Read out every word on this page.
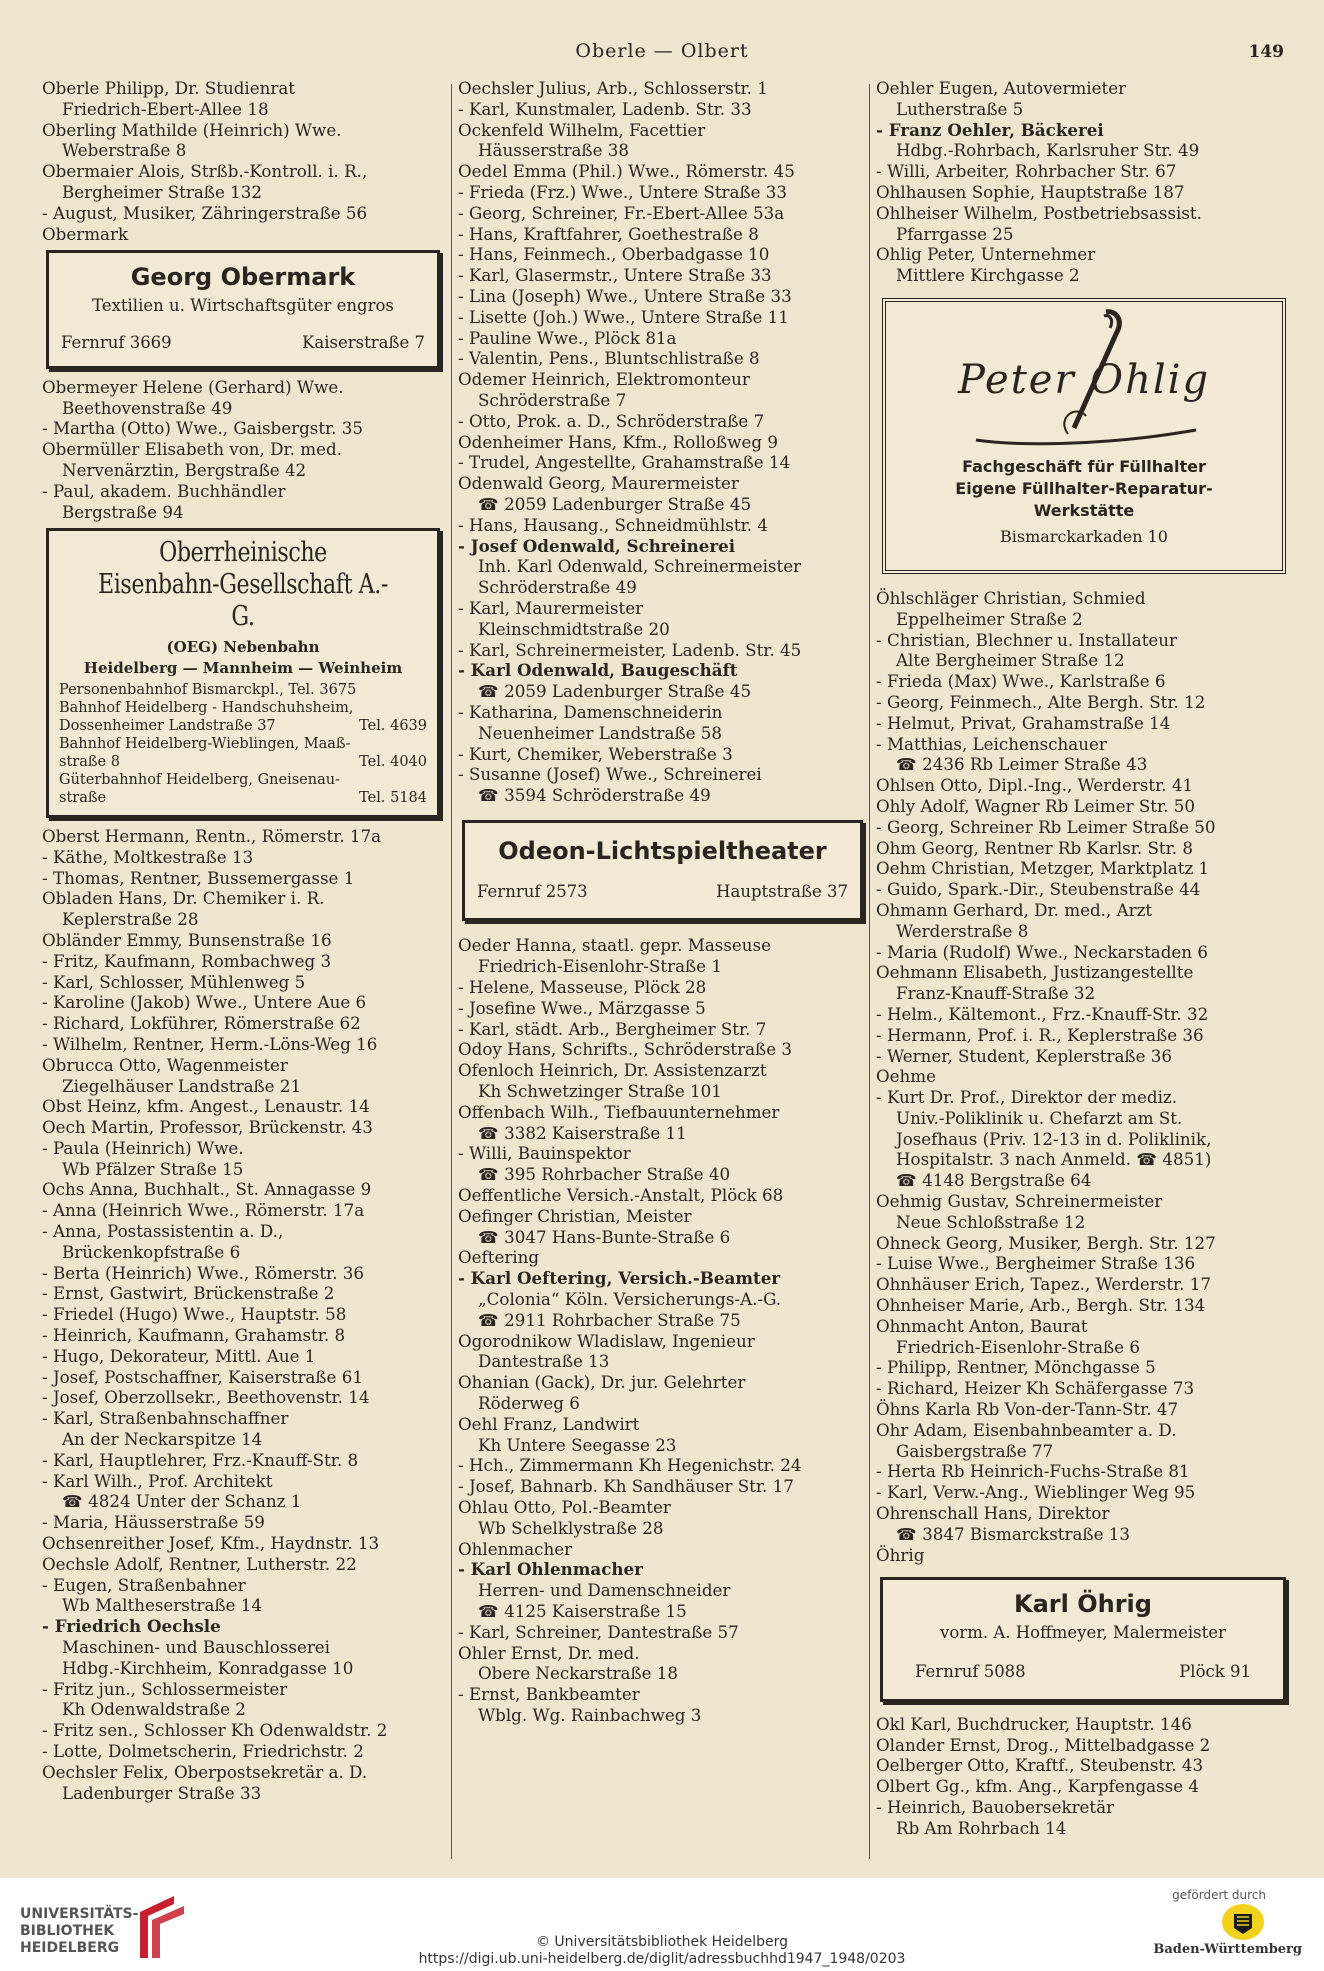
Oberle — Olbert	149
Oberle Philipp, Dr. Studienrat
Friedrich-Ebert-Allee 18
Oberling Mathilde (Heinrich) Wwe.
Weberstraße 8
Obermaier Alois, Strßb.-Kontroll. i. R.,
Bergheimer Straße 132
- August, Musiker, Zähringerstraße 56
Obermark
Georg Obermark
Textilien u. Wirtschaftsgüter engros
Fernruf 3669	Kaiserstraße 7
Obermeyer Helene (Gerhard) Wwe.
Beethovenstraße 49
- Martha (Otto) Wwe., Gaisbergstr. 35
Obermüller Elisabeth von, Dr. med.
Nervenärztin, Bergstraße 42
- Paul, akadem. Buchhändler
Bergstraße 94
Oberrheinische
Eisenbahn-Gesellschaft A.-G.
(OEG) Nebenbahn
Heidelberg — Mannheim — Weinheim
Personenbahnhof Bismarckpl., Tel. 3675
Bahnhof Heidelberg - Handschuhsheim,
Dossenheimer Landstraße 37	Tel. 4639
Bahnhof Heidelberg-Wieblingen, Maaß-
straße 8	Tel. 4040
Güterbahnhof Heidelberg, Gneisenau-
straße	Tel. 5184
Oberst Hermann, Rentn., Römerstr. 17a
- Käthe, Moltkestraße 13
- Thomas, Rentner, Bussemergasse 1
Obladen Hans, Dr. Chemiker i. R.
Keplerstraße 28
Obländer Emmy, Bunsenstraße 16
- Fritz, Kaufmann, Rombachweg 3
- Karl, Schlosser, Mühlenweg 5
- Karoline (Jakob) Wwe., Untere Aue 6
- Richard, Lokführer, Römerstraße 62
- Wilhelm, Rentner, Herm.-Löns-Weg 16
Obrucca Otto, Wagenmeister
Ziegelhäuser Landstraße 21
Obst Heinz, kfm. Angest., Lenaustr. 14
Oech Martin, Professor, Brückenstr. 43
- Paula (Heinrich) Wwe.
Wb Pfälzer Straße 15
Ochs Anna, Buchhalt., St. Annagasse 9
- Anna (Heinrich Wwe., Römerstr. 17a
- Anna, Postassistentin a. D.,
Brückenkopfstraße 6
- Berta (Heinrich) Wwe., Römerstr. 36
- Ernst, Gastwirt, Brückenstraße 2
- Friedel (Hugo) Wwe., Hauptstr. 58
- Heinrich, Kaufmann, Grahamstr. 8
- Hugo, Dekorateur, Mittl. Aue 1
- Josef, Postschaffner, Kaiserstraße 61
- Josef, Oberzollsekr., Beethovenstr. 14
- Karl, Straßenbahnschaffner
An der Neckarspitze 14
- Karl, Hauptlehrer, Frz.-Knauff-Str. 8
- Karl Wilh., Prof. Architekt
☎ 4824 Unter der Schanz 1
- Maria, Häusserstraße 59
Ochsenreither Josef, Kfm., Haydnstr. 13
Oechsle Adolf, Rentner, Lutherstr. 22
- Eugen, Straßenbahner
Wb Maltheserstraße 14
- Friedrich Oechsle
Maschinen- und Bauschlosserei
Hdbg.-Kirchheim, Konradgasse 10
- Fritz jun., Schlossermeister
Kh Odenwaldstraße 2
- Fritz sen., Schlosser Kh Odenwaldstr. 2
- Lotte, Dolmetscherin, Friedrichstr. 2
Oechsler Felix, Oberpostsekretär a. D.
Ladenburger Straße 33
Oechsler Julius, Arb., Schlosserstr. 1
- Karl, Kunstmaler, Ladenb. Str. 33
Ockenfeld Wilhelm, Facettier
Häusserstraße 38
Oedel Emma (Phil.) Wwe., Römerstr. 45
- Frieda (Frz.) Wwe., Untere Straße 33
- Georg, Schreiner, Fr.-Ebert-Allee 53a
- Hans, Kraftfahrer, Goethestraße 8
- Hans, Feinmech., Oberbadgasse 10
- Karl, Glasermstr., Untere Straße 33
- Lina (Joseph) Wwe., Untere Straße 33
- Lisette (Joh.) Wwe., Untere Straße 11
- Pauline Wwe., Plöck 81a
- Valentin, Pens., Bluntschlistraße 8
Odemer Heinrich, Elektromonteur
Schröderstraße 7
- Otto, Prok. a. D., Schröderstraße 7
Odenheimer Hans, Kfm., Rolloßweg 9
- Trudel, Angestellte, Grahamstraße 14
Odenwald Georg, Maurermeister
☎ 2059 Ladenburger Straße 45
- Hans, Hausang., Schneidmühlstr. 4
- Josef Odenwald, Schreinerei
Inh. Karl Odenwald, Schreinermeister
Schröderstraße 49
- Karl, Maurermeister
Kleinschmidtstraße 20
- Karl, Schreinermeister, Ladenb. Str. 45
- Karl Odenwald, Baugeschäft
☎ 2059 Ladenburger Straße 45
- Katharina, Damenschneiderin
Neuenheimer Landstraße 58
- Kurt, Chemiker, Weberstraße 3
- Susanne (Josef) Wwe., Schreinerei
☎ 3594 Schröderstraße 49
Odeon-Lichtspieltheater
Fernruf 2573	Hauptstraße 37
Oeder Hanna, staatl. gepr. Masseuse
Friedrich-Eisenlohr-Straße 1
- Helene, Masseuse, Plöck 28
- Josefine Wwe., Märzgasse 5
- Karl, städt. Arb., Bergheimer Str. 7
Odoy Hans, Schrifts., Schröderstraße 3
Ofenloch Heinrich, Dr. Assistenzarzt
Kh Schwetzinger Straße 101
Offenbach Wilh., Tiefbauunternehmer
☎ 3382 Kaiserstraße 11
- Willi, Bauinspektor
☎ 395 Rohrbacher Straße 40
Oeffentliche Versich.-Anstalt, Plöck 68
Oefinger Christian, Meister
☎ 3047 Hans-Bunte-Straße 6
Oeftering
- Karl Oeftering, Versich.-Beamter
„Colonia“ Köln. Versicherungs-A.-G.
☎ 2911 Rohrbacher Straße 75
Ogorodnikow Wladislaw, Ingenieur
Dantestraße 13
Ohanian (Gack), Dr. jur. Gelehrter
Röderweg 6
Oehl Franz, Landwirt
Kh Untere Seegasse 23
- Hch., Zimmermann Kh Hegenichstr. 24
- Josef, Bahnarb. Kh Sandhäuser Str. 17
Ohlau Otto, Pol.-Beamter
Wb Schelklystraße 28
Ohlenmacher
- Karl Ohlenmacher
Herren- und Damenschneider
☎ 4125 Kaiserstraße 15
- Karl, Schreiner, Dantestraße 57
Ohler Ernst, Dr. med.
Obere Neckarstraße 18
- Ernst, Bankbeamter
Wblg. Wg. Rainbachweg 3
Oehler Eugen, Autovermieter
Lutherstraße 5
- Franz Oehler, Bäckerei
Hdbg.-Rohrbach, Karlsruher Str. 49
- Willi, Arbeiter, Rohrbacher Str. 67
Ohlhausen Sophie, Hauptstraße 187
Ohlheiser Wilhelm, Postbetriebsassist.
Pfarrgasse 25
Ohlig Peter, Unternehmer
Mittlere Kirchgasse 2
Peter Ohlig
Fachgeschäft für Füllhalter
Eigene Füllhalter-Reparatur-
Werkstätte
Bismarckarkaden 10
Öhlschläger Christian, Schmied
Eppelheimer Straße 2
- Christian, Blechner u. Installateur
Alte Bergheimer Straße 12
- Frieda (Max) Wwe., Karlstraße 6
- Georg, Feinmech., Alte Bergh. Str. 12
- Helmut, Privat, Grahamstraße 14
- Matthias, Leichenschauer
☎ 2436 Rb Leimer Straße 43
Ohlsen Otto, Dipl.-Ing., Werderstr. 41
Ohly Adolf, Wagner Rb Leimer Str. 50
- Georg, Schreiner Rb Leimer Straße 50
Ohm Georg, Rentner Rb Karlsr. Str. 8
Oehm Christian, Metzger, Marktplatz 1
- Guido, Spark.-Dir., Steubenstraße 44
Ohmann Gerhard, Dr. med., Arzt
Werderstraße 8
- Maria (Rudolf) Wwe., Neckarstaden 6
Oehmann Elisabeth, Justizangestellte
Franz-Knauff-Straße 32
- Helm., Kältemont., Frz.-Knauff-Str. 32
- Hermann, Prof. i. R., Keplerstraße 36
- Werner, Student, Keplerstraße 36
Oehme
- Kurt Dr. Prof., Direktor der mediz.
Univ.-Poliklinik u. Chefarzt am St.
Josefhaus (Priv. 12-13 in d. Poliklinik,
Hospitalstr. 3 nach Anmeld. ☎ 4851)
☎ 4148 Bergstraße 64
Oehmig Gustav, Schreinermeister
Neue Schloßstraße 12
Ohneck Georg, Musiker, Bergh. Str. 127
- Luise Wwe., Bergheimer Straße 136
Ohnhäuser Erich, Tapez., Werderstr. 17
Ohnheiser Marie, Arb., Bergh. Str. 134
Ohnmacht Anton, Baurat
Friedrich-Eisenlohr-Straße 6
- Philipp, Rentner, Mönchgasse 5
- Richard, Heizer Kh Schäfergasse 73
Öhns Karla Rb Von-der-Tann-Str. 47
Ohr Adam, Eisenbahnbeamter a. D.
Gaisbergstraße 77
- Herta Rb Heinrich-Fuchs-Straße 81
- Karl, Verw.-Ang., Wieblinger Weg 95
Ohrenschall Hans, Direktor
☎ 3847 Bismarckstraße 13
Öhrig
Karl Öhrig
vorm. A. Hoffmeyer, Malermeister
Fernruf 5088	Plöck 91
Okl Karl, Buchdrucker, Hauptstr. 146
Olander Ernst, Drog., Mittelbadgasse 2
Oelberger Otto, Kraftf., Steubenstr. 43
Olbert Gg., kfm. Ang., Karpfengasse 4
- Heinrich, Bauobersekretär
Rb Am Rohrbach 14
UNIVERSITÄTS-
BIBLIOTHEK
HEIDELBERG	© Universitätsbibliothek Heidelberg
https://digi.ub.uni-heidelberg.de/diglit/adressbuchhd1947_1948/0203
gefördert durch
Baden-Württemberg
